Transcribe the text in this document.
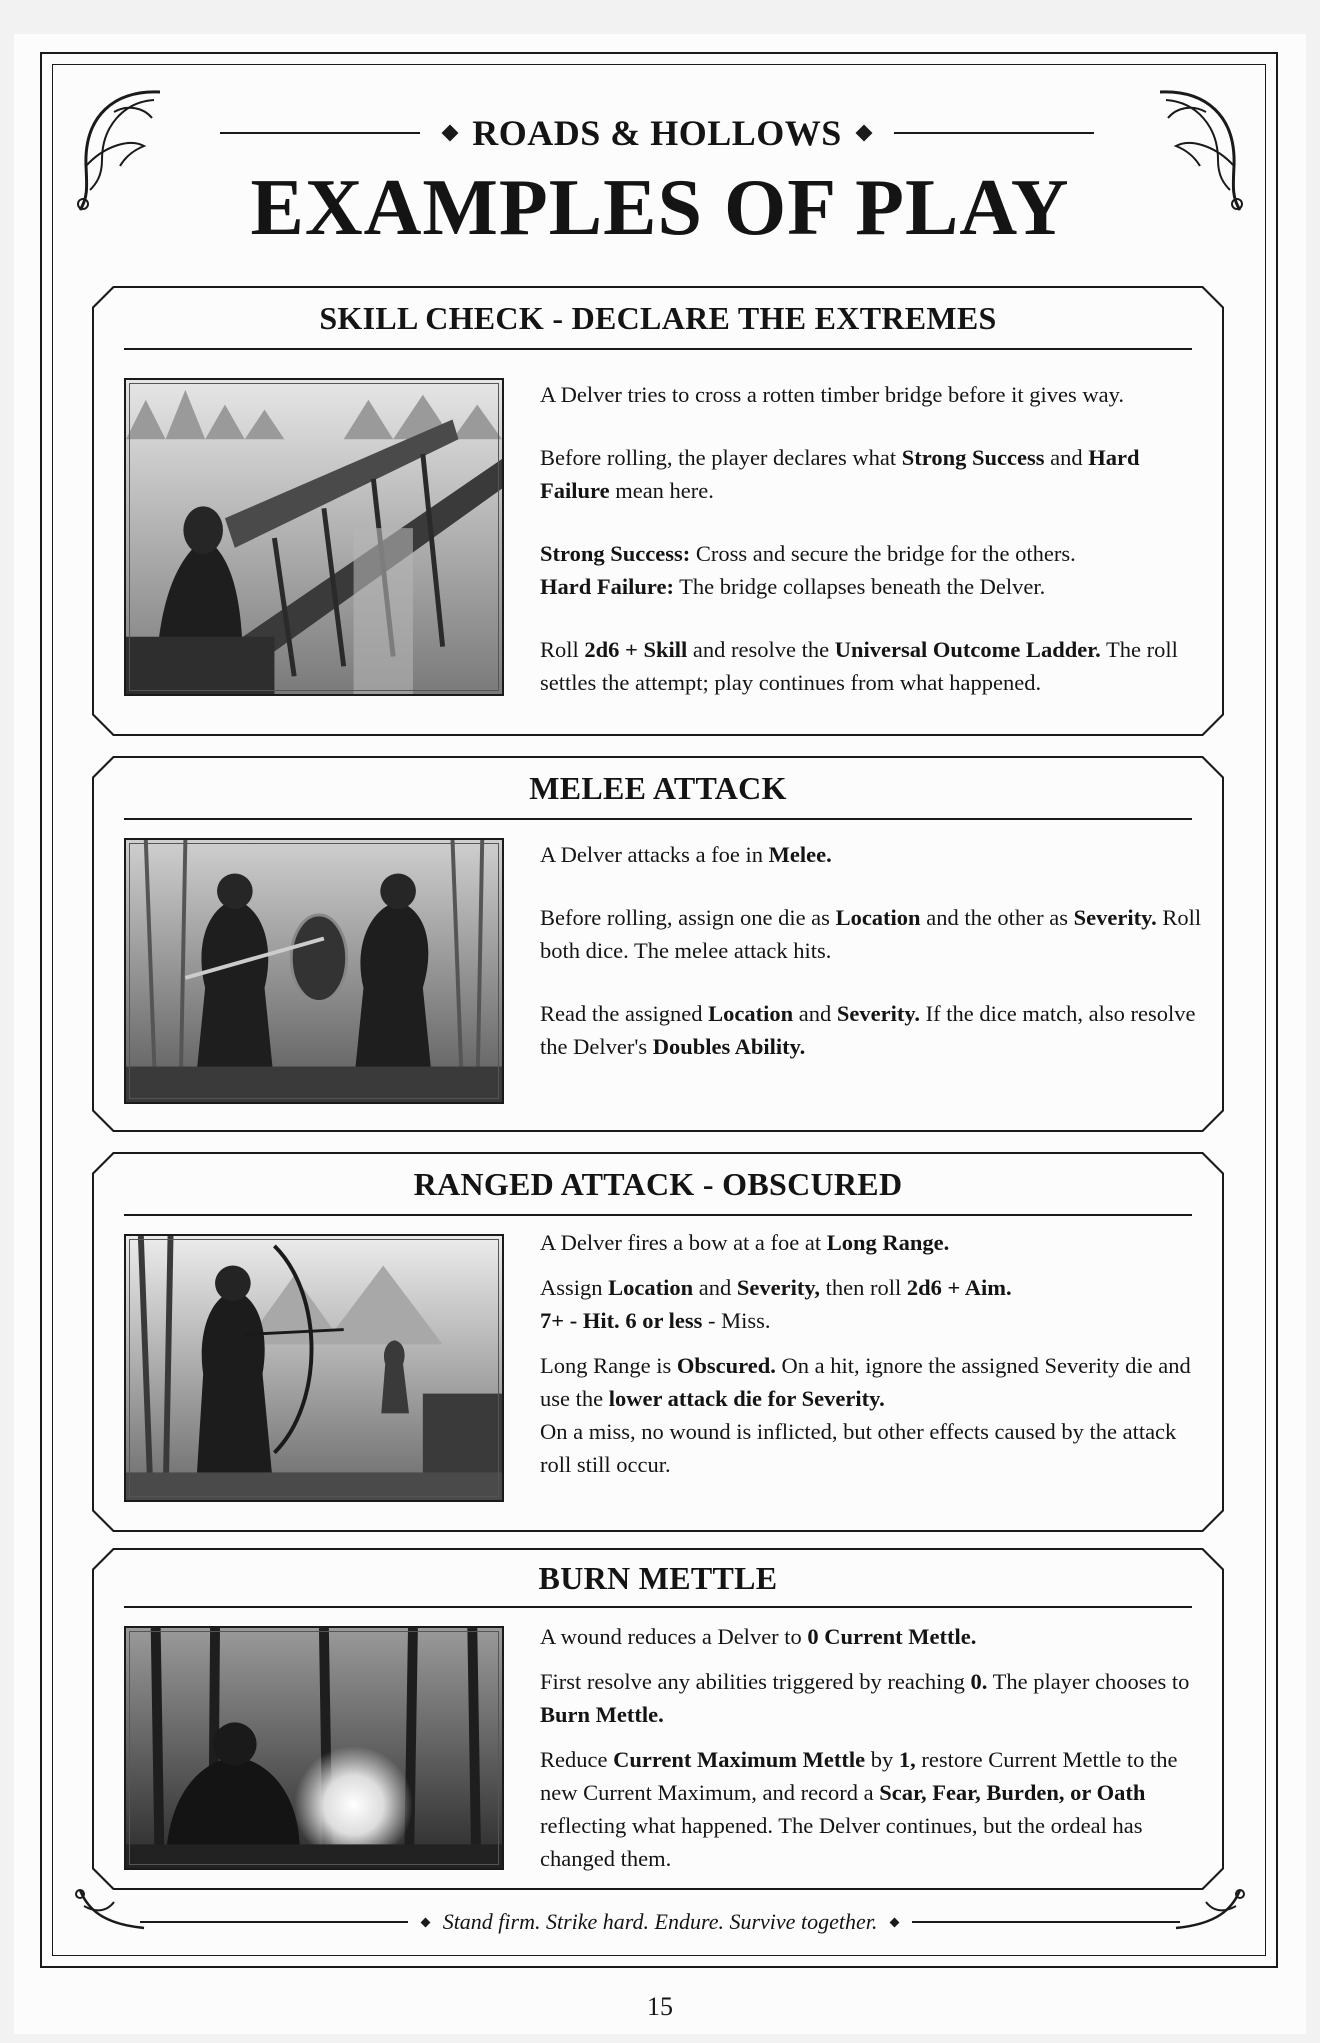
ROADS & HOLLOWS
EXAMPLES OF PLAY
SKILL CHECK - DECLARE THE EXTREMES

A Delver tries to cross a rotten timber bridge before it gives way.

Before rolling, the player declares what Strong Success and Hard Failure mean here.

Strong Success: Cross and secure the bridge for the others.
Hard Failure: The bridge collapses beneath the Delver.

Roll 2d6 + Skill and resolve the Universal Outcome Ladder. The roll settles the attempt; play continues from what happened.

MELEE ATTACK

A Delver attacks a foe in Melee.

Before rolling, assign one die as Location and the other as Severity. Roll both dice. The melee attack hits.

Read the assigned Location and Severity. If the dice match, also resolve the Delver's Doubles Ability.

RANGED ATTACK - OBSCURED

A Delver fires a bow at a foe at Long Range.

Assign Location and Severity, then roll 2d6 + Aim.
7+ - Hit. 6 or less - Miss.

Long Range is Obscured. On a hit, ignore the assigned Severity die and use the lower attack die for Severity.
On a miss, no wound is inflicted, but other effects caused by the attack roll still occur.

BURN METTLE

A wound reduces a Delver to 0 Current Mettle.

First resolve any abilities triggered by reaching 0. The player chooses to Burn Mettle.

Reduce Current Maximum Mettle by 1, restore Current Mettle to the new Current Maximum, and record a Scar, Fear, Burden, or Oath reflecting what happened. The Delver continues, but the ordeal has changed them.

Stand firm. Strike hard. Endure. Survive together.
15
